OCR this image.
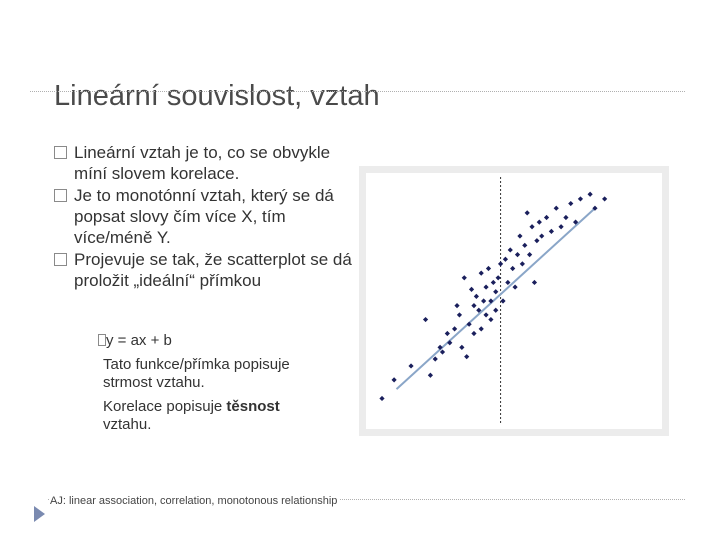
Lineární souvislost, vztah
Lineární vztah je to, co se obvykle míní slovem korelace.
Je to monotónní vztah, který se dá popsat slovy čím více X, tím více/méně Y.
Projevuje se tak, že scatterplot se dá proložit „ideální“ přímkou

y = ax + b

Tato funkce/přímka popisuje strmost vztahu.

Korelace popisuje těsnost
vztahu.

AJ: linear association, correlation, monotonous relationship
